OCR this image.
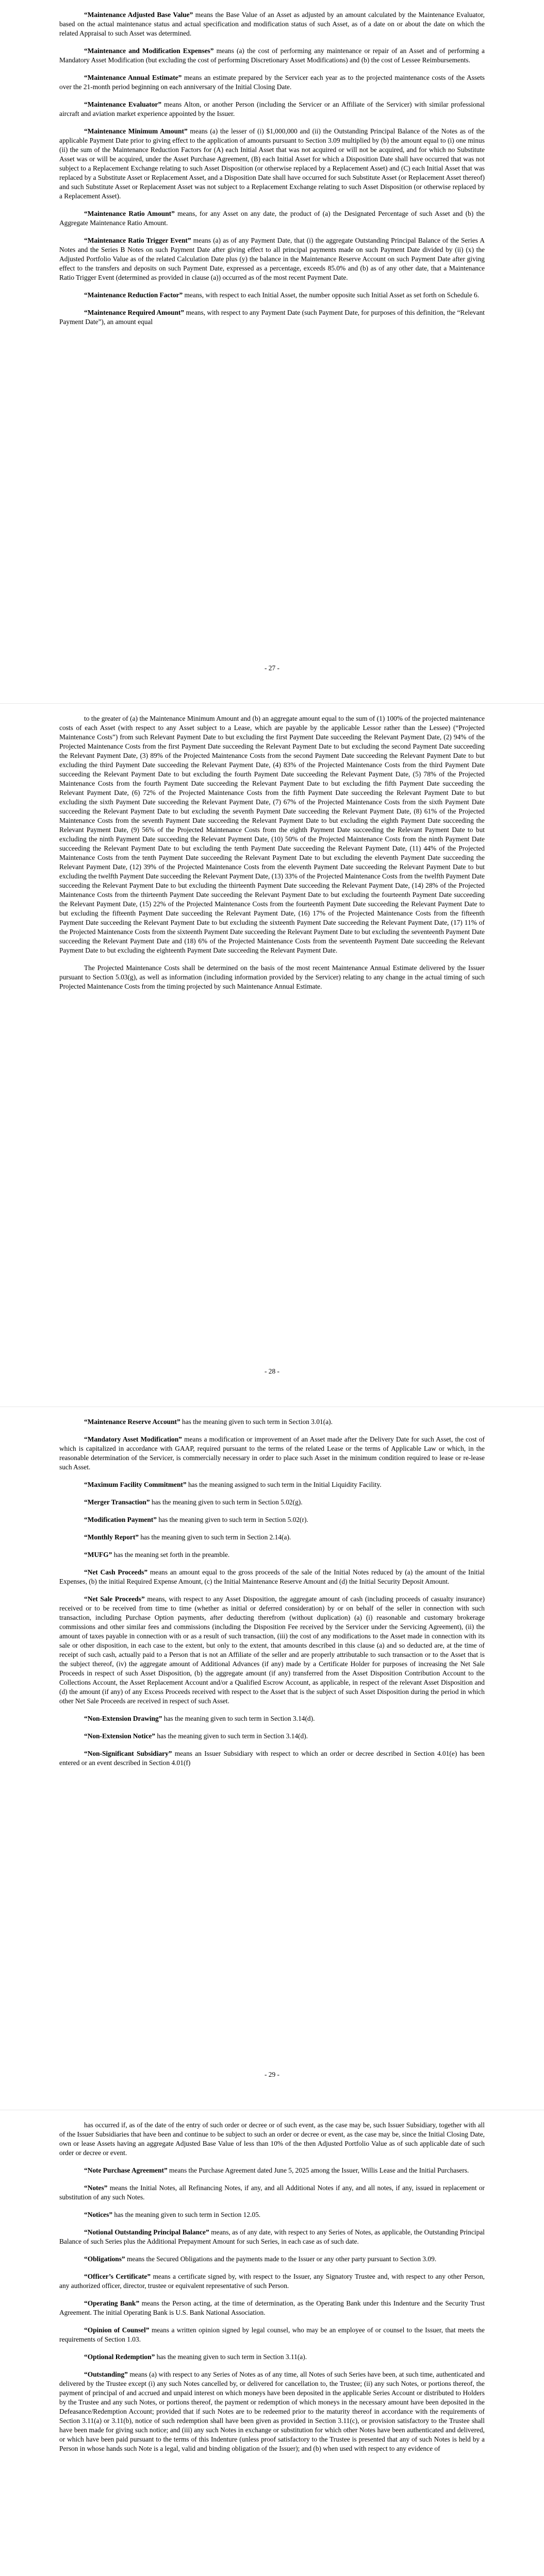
“Maintenance Adjusted Base Value” means the Base Value of an Asset as adjusted by an amount calculated by the Maintenance Evaluator, based on the actual maintenance status and actual specification and modification status of such Asset, as of a date on or about the date on which the related Appraisal to such Asset was determined.

“Maintenance and Modification Expenses” means (a) the cost of performing any maintenance or repair of an Asset and of performing a Mandatory Asset Modification (but excluding the cost of performing Discretionary Asset Modifications) and (b) the cost of Lessee Reimbursements.

“Maintenance Annual Estimate” means an estimate prepared by the Servicer each year as to the projected maintenance costs of the Assets over the 21-month period beginning on each anniversary of the Initial Closing Date.

“Maintenance Evaluator” means Alton, or another Person (including the Servicer or an Affiliate of the Servicer) with similar professional aircraft and aviation market experience appointed by the Issuer.

“Maintenance Minimum Amount” means (a) the lesser of (i) $1,000,000 and (ii) the Outstanding Principal Balance of the Notes as of the applicable Payment Date prior to giving effect to the application of amounts pursuant to Section 3.09 multiplied by (b) the amount equal to (i) one minus (ii) the sum of the Maintenance Reduction Factors for (A) each Initial Asset that was not acquired or will not be acquired, and for which no Substitute Asset was or will be acquired, under the Asset Purchase Agreement, (B) each Initial Asset for which a Disposition Date shall have occurred that was not subject to a Replacement Exchange relating to such Asset Disposition (or otherwise replaced by a Replacement Asset) and (C) each Initial Asset that was replaced by a Substitute Asset or Replacement Asset, and a Disposition Date shall have occurred for such Substitute Asset (or Replacement Asset thereof) and such Substitute Asset or Replacement Asset was not subject to a Replacement Exchange relating to such Asset Disposition (or otherwise replaced by a Replacement Asset).

“Maintenance Ratio Amount” means, for any Asset on any date, the product of (a) the Designated Percentage of such Asset and (b) the Aggregate Maintenance Ratio Amount.

“Maintenance Ratio Trigger Event” means (a) as of any Payment Date, that (i) the aggregate Outstanding Principal Balance of the Series A Notes and the Series B Notes on such Payment Date after giving effect to all principal payments made on such Payment Date divided by (ii) (x) the Adjusted Portfolio Value as of the related Calculation Date plus (y) the balance in the Maintenance Reserve Account on such Payment Date after giving effect to the transfers and deposits on such Payment Date, expressed as a percentage, exceeds 85.0% and (b) as of any other date, that a Maintenance Ratio Trigger Event (determined as provided in clause (a)) occurred as of the most recent Payment Date.

“Maintenance Reduction Factor” means, with respect to each Initial Asset, the number opposite such Initial Asset as set forth on Schedule 6.

“Maintenance Required Amount” means, with respect to any Payment Date (such Payment Date, for purposes of this definition, the “Relevant Payment Date”), an amount equal

- 27 -

to the greater of (a) the Maintenance Minimum Amount and (b) an aggregate amount equal to the sum of (1) 100% of the projected maintenance costs of each Asset (with respect to any Asset subject to a Lease, which are payable by the applicable Lessor rather than the Lessee) (“Projected Maintenance Costs”) from such Relevant Payment Date to but excluding the first Payment Date succeeding the Relevant Payment Date, (2) 94% of the Projected Maintenance Costs from the first Payment Date succeeding the Relevant Payment Date to but excluding the second Payment Date succeeding the Relevant Payment Date, (3) 89% of the Projected Maintenance Costs from the second Payment Date succeeding the Relevant Payment Date to but excluding the third Payment Date succeeding the Relevant Payment Date, (4) 83% of the Projected Maintenance Costs from the third Payment Date succeeding the Relevant Payment Date to but excluding the fourth Payment Date succeeding the Relevant Payment Date, (5) 78% of the Projected Maintenance Costs from the fourth Payment Date succeeding the Relevant Payment Date to but excluding the fifth Payment Date succeeding the Relevant Payment Date, (6) 72% of the Projected Maintenance Costs from the fifth Payment Date succeeding the Relevant Payment Date to but excluding the sixth Payment Date succeeding the Relevant Payment Date, (7) 67% of the Projected Maintenance Costs from the sixth Payment Date succeeding the Relevant Payment Date to but excluding the seventh Payment Date succeeding the Relevant Payment Date, (8) 61% of the Projected Maintenance Costs from the seventh Payment Date succeeding the Relevant Payment Date to but excluding the eighth Payment Date succeeding the Relevant Payment Date, (9) 56% of the Projected Maintenance Costs from the eighth Payment Date succeeding the Relevant Payment Date to but excluding the ninth Payment Date succeeding the Relevant Payment Date, (10) 50% of the Projected Maintenance Costs from the ninth Payment Date succeeding the Relevant Payment Date to but excluding the tenth Payment Date succeeding the Relevant Payment Date, (11) 44% of the Projected Maintenance Costs from the tenth Payment Date succeeding the Relevant Payment Date to but excluding the eleventh Payment Date succeeding the Relevant Payment Date, (12) 39% of the Projected Maintenance Costs from the eleventh Payment Date succeeding the Relevant Payment Date to but excluding the twelfth Payment Date succeeding the Relevant Payment Date, (13) 33% of the Projected Maintenance Costs from the twelfth Payment Date succeeding the Relevant Payment Date to but excluding the thirteenth Payment Date succeeding the Relevant Payment Date, (14) 28% of the Projected Maintenance Costs from the thirteenth Payment Date succeeding the Relevant Payment Date to but excluding the fourteenth Payment Date succeeding the Relevant Payment Date, (15) 22% of the Projected Maintenance Costs from the fourteenth Payment Date succeeding the Relevant Payment Date to but excluding the fifteenth Payment Date succeeding the Relevant Payment Date, (16) 17% of the Projected Maintenance Costs from the fifteenth Payment Date succeeding the Relevant Payment Date to but excluding the sixteenth Payment Date succeeding the Relevant Payment Date, (17) 11% of the Projected Maintenance Costs from the sixteenth Payment Date succeeding the Relevant Payment Date to but excluding the seventeenth Payment Date succeeding the Relevant Payment Date and (18) 6% of the Projected Maintenance Costs from the seventeenth Payment Date succeeding the Relevant Payment Date to but excluding the eighteenth Payment Date succeeding the Relevant Payment Date.

The Projected Maintenance Costs shall be determined on the basis of the most recent Maintenance Annual Estimate delivered by the Issuer pursuant to Section 5.03(g), as well as information (including information provided by the Servicer) relating to any change in the actual timing of such Projected Maintenance Costs from the timing projected by such Maintenance Annual Estimate.

- 28 -

“Maintenance Reserve Account” has the meaning given to such term in Section 3.01(a).

“Mandatory Asset Modification” means a modification or improvement of an Asset made after the Delivery Date for such Asset, the cost of which is capitalized in accordance with GAAP, required pursuant to the terms of the related Lease or the terms of Applicable Law or which, in the reasonable determination of the Servicer, is commercially necessary in order to place such Asset in the minimum condition required to lease or re-lease such Asset.

“Maximum Facility Commitment” has the meaning assigned to such term in the Initial Liquidity Facility.

“Merger Transaction” has the meaning given to such term in Section 5.02(g).

“Modification Payment” has the meaning given to such term in Section 5.02(r).

“Monthly Report” has the meaning given to such term in Section 2.14(a).

“MUFG” has the meaning set forth in the preamble.

“Net Cash Proceeds” means an amount equal to the gross proceeds of the sale of the Initial Notes reduced by (a) the amount of the Initial Expenses, (b) the initial Required Expense Amount, (c) the Initial Maintenance Reserve Amount and (d) the Initial Security Deposit Amount.

“Net Sale Proceeds” means, with respect to any Asset Disposition, the aggregate amount of cash (including proceeds of casualty insurance) received or to be received from time to time (whether as initial or deferred consideration) by or on behalf of the seller in connection with such transaction, including Purchase Option payments, after deducting therefrom (without duplication) (a) (i) reasonable and customary brokerage commissions and other similar fees and commissions (including the Disposition Fee received by the Servicer under the Servicing Agreement), (ii) the amount of taxes payable in connection with or as a result of such transaction, (iii) the cost of any modifications to the Asset made in connection with its sale or other disposition, in each case to the extent, but only to the extent, that amounts described in this clause (a) and so deducted are, at the time of receipt of such cash, actually paid to a Person that is not an Affiliate of the seller and are properly attributable to such transaction or to the Asset that is the subject thereof, (iv) the aggregate amount of Additional Advances (if any) made by a Certificate Holder for purposes of increasing the Net Sale Proceeds in respect of such Asset Disposition, (b) the aggregate amount (if any) transferred from the Asset Disposition Contribution Account to the Collections Account, the Asset Replacement Account and/or a Qualified Escrow Account, as applicable, in respect of the relevant Asset Disposition and (d) the amount (if any) of any Excess Proceeds received with respect to the Asset that is the subject of such Asset Disposition during the period in which other Net Sale Proceeds are received in respect of such Asset.

“Non-Extension Drawing” has the meaning given to such term in Section 3.14(d).

“Non-Extension Notice” has the meaning given to such term in Section 3.14(d).

“Non-Significant Subsidiary” means an Issuer Subsidiary with respect to which an order or decree described in Section 4.01(e) has been entered or an event described in Section 4.01(f)

- 29 -

has occurred if, as of the date of the entry of such order or decree or of such event, as the case may be, such Issuer Subsidiary, together with all of the Issuer Subsidiaries that have been and continue to be subject to such an order or decree or event, as the case may be, since the Initial Closing Date, own or lease Assets having an aggregate Adjusted Base Value of less than 10% of the then Adjusted Portfolio Value as of such applicable date of such order or decree or event.

“Note Purchase Agreement” means the Purchase Agreement dated June 5, 2025 among the Issuer, Willis Lease and the Initial Purchasers.

“Notes” means the Initial Notes, all Refinancing Notes, if any, and all Additional Notes if any, and all notes, if any, issued in replacement or substitution of any such Notes.

“Notices” has the meaning given to such term in Section 12.05.

“Notional Outstanding Principal Balance” means, as of any date, with respect to any Series of Notes, as applicable, the Outstanding Principal Balance of such Series plus the Additional Prepayment Amount for such Series, in each case as of such date.

“Obligations” means the Secured Obligations and the payments made to the Issuer or any other party pursuant to Section 3.09.

“Officer’s Certificate” means a certificate signed by, with respect to the Issuer, any Signatory Trustee and, with respect to any other Person, any authorized officer, director, trustee or equivalent representative of such Person.

“Operating Bank” means the Person acting, at the time of determination, as the Operating Bank under this Indenture and the Security Trust Agreement. The initial Operating Bank is U.S. Bank National Association.

“Opinion of Counsel” means a written opinion signed by legal counsel, who may be an employee of or counsel to the Issuer, that meets the requirements of Section 1.03.

“Optional Redemption” has the meaning given to such term in Section 3.11(a).

“Outstanding” means (a) with respect to any Series of Notes as of any time, all Notes of such Series have been, at such time, authenticated and delivered by the Trustee except (i) any such Notes cancelled by, or delivered for cancellation to, the Trustee; (ii) any such Notes, or portions thereof, the payment of principal of and accrued and unpaid interest on which moneys have been deposited in the applicable Series Account or distributed to Holders by the Trustee and any such Notes, or portions thereof, the payment or redemption of which moneys in the necessary amount have been deposited in the Defeasance/Redemption Account; provided that if such Notes are to be redeemed prior to the maturity thereof in accordance with the requirements of Section 3.11(a) or 3.11(b), notice of such redemption shall have been given as provided in Section 3.11(c), or provision satisfactory to the Trustee shall have been made for giving such notice; and (iii) any such Notes in exchange or substitution for which other Notes have been authenticated and delivered, or which have been paid pursuant to the terms of this Indenture (unless proof satisfactory to the Trustee is presented that any of such Notes is held by a Person in whose hands such Note is a legal, valid and binding obligation of the Issuer); and (b) when used with respect to any evidence of
